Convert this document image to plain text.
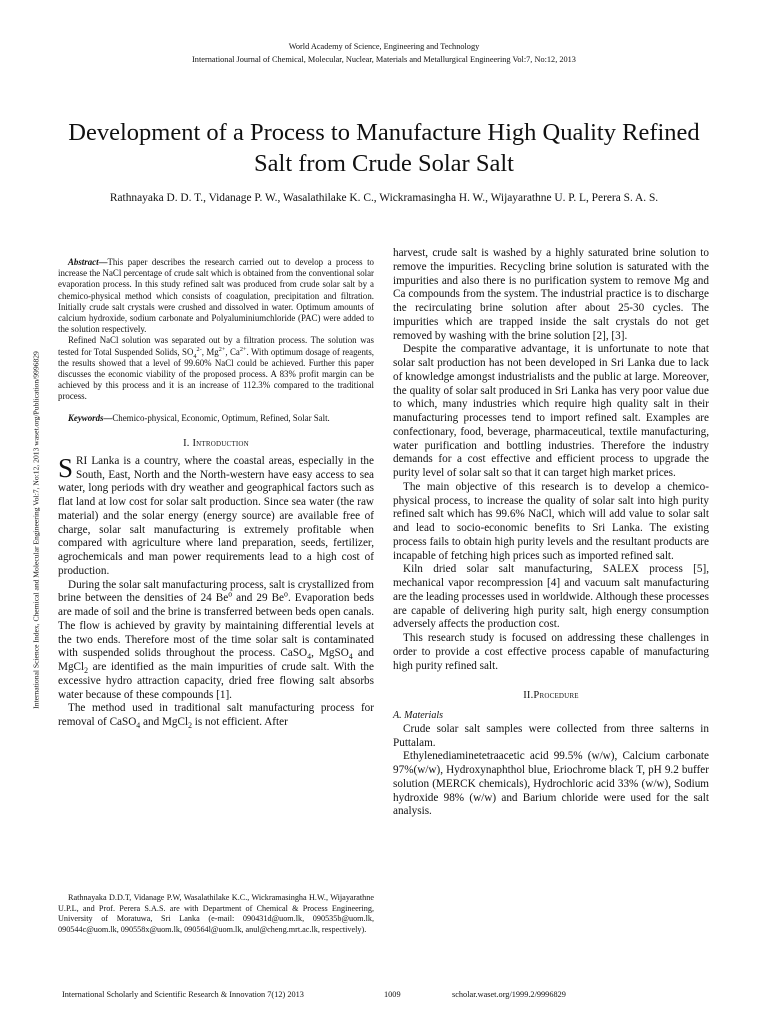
World Academy of Science, Engineering and Technology
International Journal of Chemical, Molecular, Nuclear, Materials and Metallurgical Engineering Vol:7, No:12, 2013
Development of a Process to Manufacture High Quality Refined Salt from Crude Solar Salt
Rathnayaka D. D. T., Vidanage P. W., Wasalathilake K. C., Wickramasingha H. W., Wijayarathne U. P. L, Perera S. A. S.
International Science Index, Chemical and Molecular Engineering Vol:7, No:12, 2013 waset.org/Publication/9996829

Abstract—This paper describes the research carried out to develop a process to increase the NaCl percentage of crude salt which is obtained from the conventional solar evaporation process. In this study refined salt was produced from crude solar salt by a chemico-physical method which consists of coagulation, precipitation and filtration. Initially crude salt crystals were crushed and dissolved in water. Optimum amounts of calcium hydroxide, sodium carbonate and Polyaluminiumchloride (PAC) were added to the solution respectively.

Refined NaCl solution was separated out by a filtration process. The solution was tested for Total Suspended Solids, $SO_4^{2-}$, $Mg^{2+}$, $Ca^{2+}$. With optimum dosage of reagents, the results showed that a level of 99.60% NaCl could be achieved. Further this paper discusses the economic viability of the proposed process. A 83% profit margin can be achieved by this process and it is an increase of 112.3% compared to the traditional process.

Keywords—Chemico-physical, Economic, Optimum, Refined, Solar Salt.

I. Introduction

SRI Lanka is a country, where the coastal areas, especially in the South, East, North and the North-western have easy access to sea water, long periods with dry weather and geographical factors such as flat land at low cost for solar salt production. Since sea water (the raw material) and the solar energy (energy source) are available free of charge, solar salt manufacturing is extremely profitable when compared with agriculture where land preparation, seeds, fertilizer, agrochemicals and man power requirements lead to a high cost of production.

During the solar salt manufacturing process, salt is crystallized from brine between the densities of 24 Be$^o$ and 29 Be$^o$. Evaporation beds are made of soil and the brine is transferred between beds open canals. The flow is achieved by gravity by maintaining differential levels at the two ends. Therefore most of the time solar salt is contaminated with suspended solids throughout the process. CaSO$_4$, MgSO$_4$ and MgCl$_2$ are identified as the main impurities of crude salt. With the excessive hydro attraction capacity, dried free flowing salt absorbs water because of these compounds [1].

The method used in traditional salt manufacturing process for removal of CaSO$_4$ and MgCl$_2$ is not efficient. After

Rathnayaka D.D.T, Vidanage P.W, Wasalathilake K.C., Wickramasingha H.W., Wijayarathne U.P.L, and Prof. Perera S.A.S. are with Department of Chemical & Process Engineering, University of Moratuwa, Sri Lanka (e-mail: 090431d@uom.lk, 090535b@uom.lk, 090544c@uom.lk, 090558x@uom.lk, 090564l@uom.lk, anul@cheng.mrt.ac.lk, respectively).

harvest, crude salt is washed by a highly saturated brine solution to remove the impurities. Recycling brine solution is saturated with the impurities and also there is no purification system to remove Mg and Ca compounds from the system. The industrial practice is to discharge the recirculating brine solution after about 25-30 cycles. The impurities which are trapped inside the salt crystals do not get removed by washing with the brine solution [2], [3].

Despite the comparative advantage, it is unfortunate to note that solar salt production has not been developed in Sri Lanka due to lack of knowledge amongst industrialists and the public at large. Moreover, the quality of solar salt produced in Sri Lanka has very poor value due to which, many industries which require high quality salt in their manufacturing processes tend to import refined salt. Examples are confectionary, food, beverage, pharmaceutical, textile manufacturing, water purification and bottling industries. Therefore the industry demands for a cost effective and efficient process to upgrade the purity level of solar salt so that it can target high market prices.

The main objective of this research is to develop a chemico-physical process, to increase the quality of solar salt into high purity refined salt which has 99.6% NaCl, which will add value to solar salt and lead to socio-economic benefits to Sri Lanka. The existing process fails to obtain high purity levels and the resultant products are incapable of fetching high prices such as imported refined salt.

Kiln dried solar salt manufacturing, SALEX process [5], mechanical vapor recompression [4] and vacuum salt manufacturing are the leading processes used in worldwide. Although these processes are capable of delivering high purity salt, high energy consumption adversely affects the production cost.

This research study is focused on addressing these challenges in order to provide a cost effective process capable of manufacturing high purity refined salt.

II.Procedure

A. Materials

Crude solar salt samples were collected from three salterns in Puttalam.

Ethylenediaminetetraacetic acid 99.5% (w/w), Calcium carbonate 97%(w/w), Hydroxynaphthol blue, Eriochrome black T, pH 9.2 buffer solution (MERCK chemicals), Hydrochloric acid 33% (w/w), Sodium hydroxide 98% (w/w) and Barium chloride were used for the salt analysis.

International Scholarly and Scientific Research & Innovation 7(12) 2013	1009	scholar.waset.org/1999.2/9996829
